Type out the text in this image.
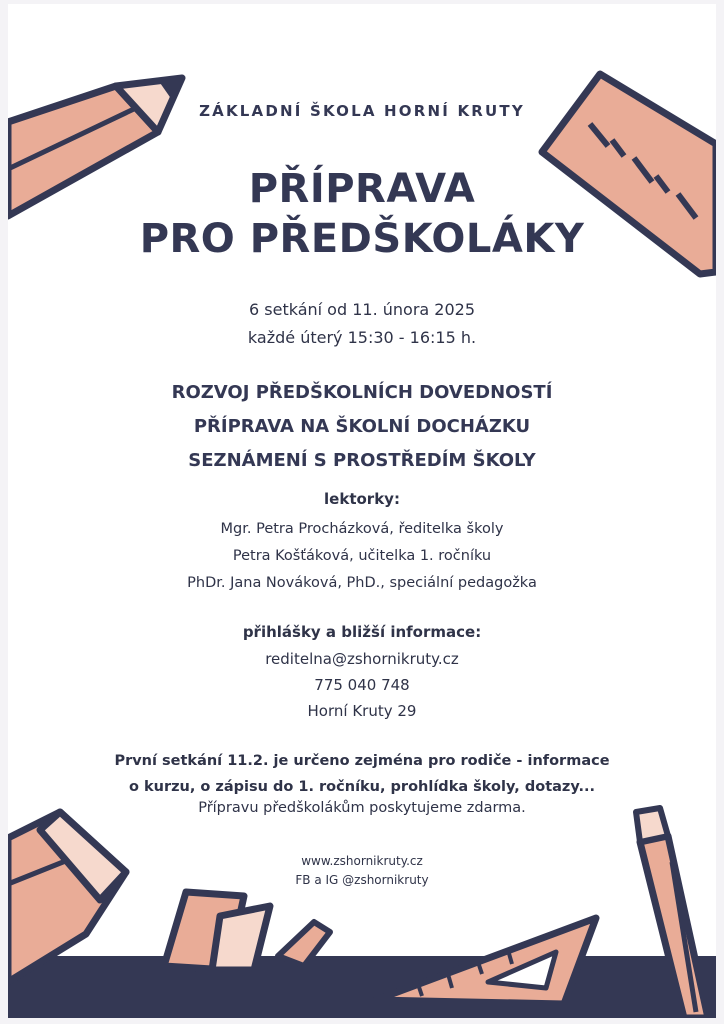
ZÁKLADNÍ ŠKOLA HORNÍ KRUTY
PŘÍPRAVA
PRO PŘEDŠKOLÁKY
6 setkání od 11. února 2025
každé úterý 15:30 - 16:15 h.
ROZVOJ PŘEDŠKOLNÍCH DOVEDNOSTÍ
PŘÍPRAVA NA ŠKOLNÍ DOCHÁZKU
SEZNÁMENÍ S PROSTŘEDÍM ŠKOLY
lektorky:
Mgr. Petra Procházková, ředitelka školy
Petra Košťáková, učitelka 1. ročníku
PhDr. Jana Nováková, PhD., speciální pedagožka
přihlášky a bližší informace:
reditelna@zshornikruty.cz
775 040 748
Horní Kruty 29
První setkání 11.2. je určeno zejména pro rodiče - informace
o kurzu, o zápisu do 1. ročníku, prohlídka školy, dotazy...
Přípravu předškolákům poskytujeme zdarma.
www.zshornikruty.cz
FB a IG @zshornikruty
